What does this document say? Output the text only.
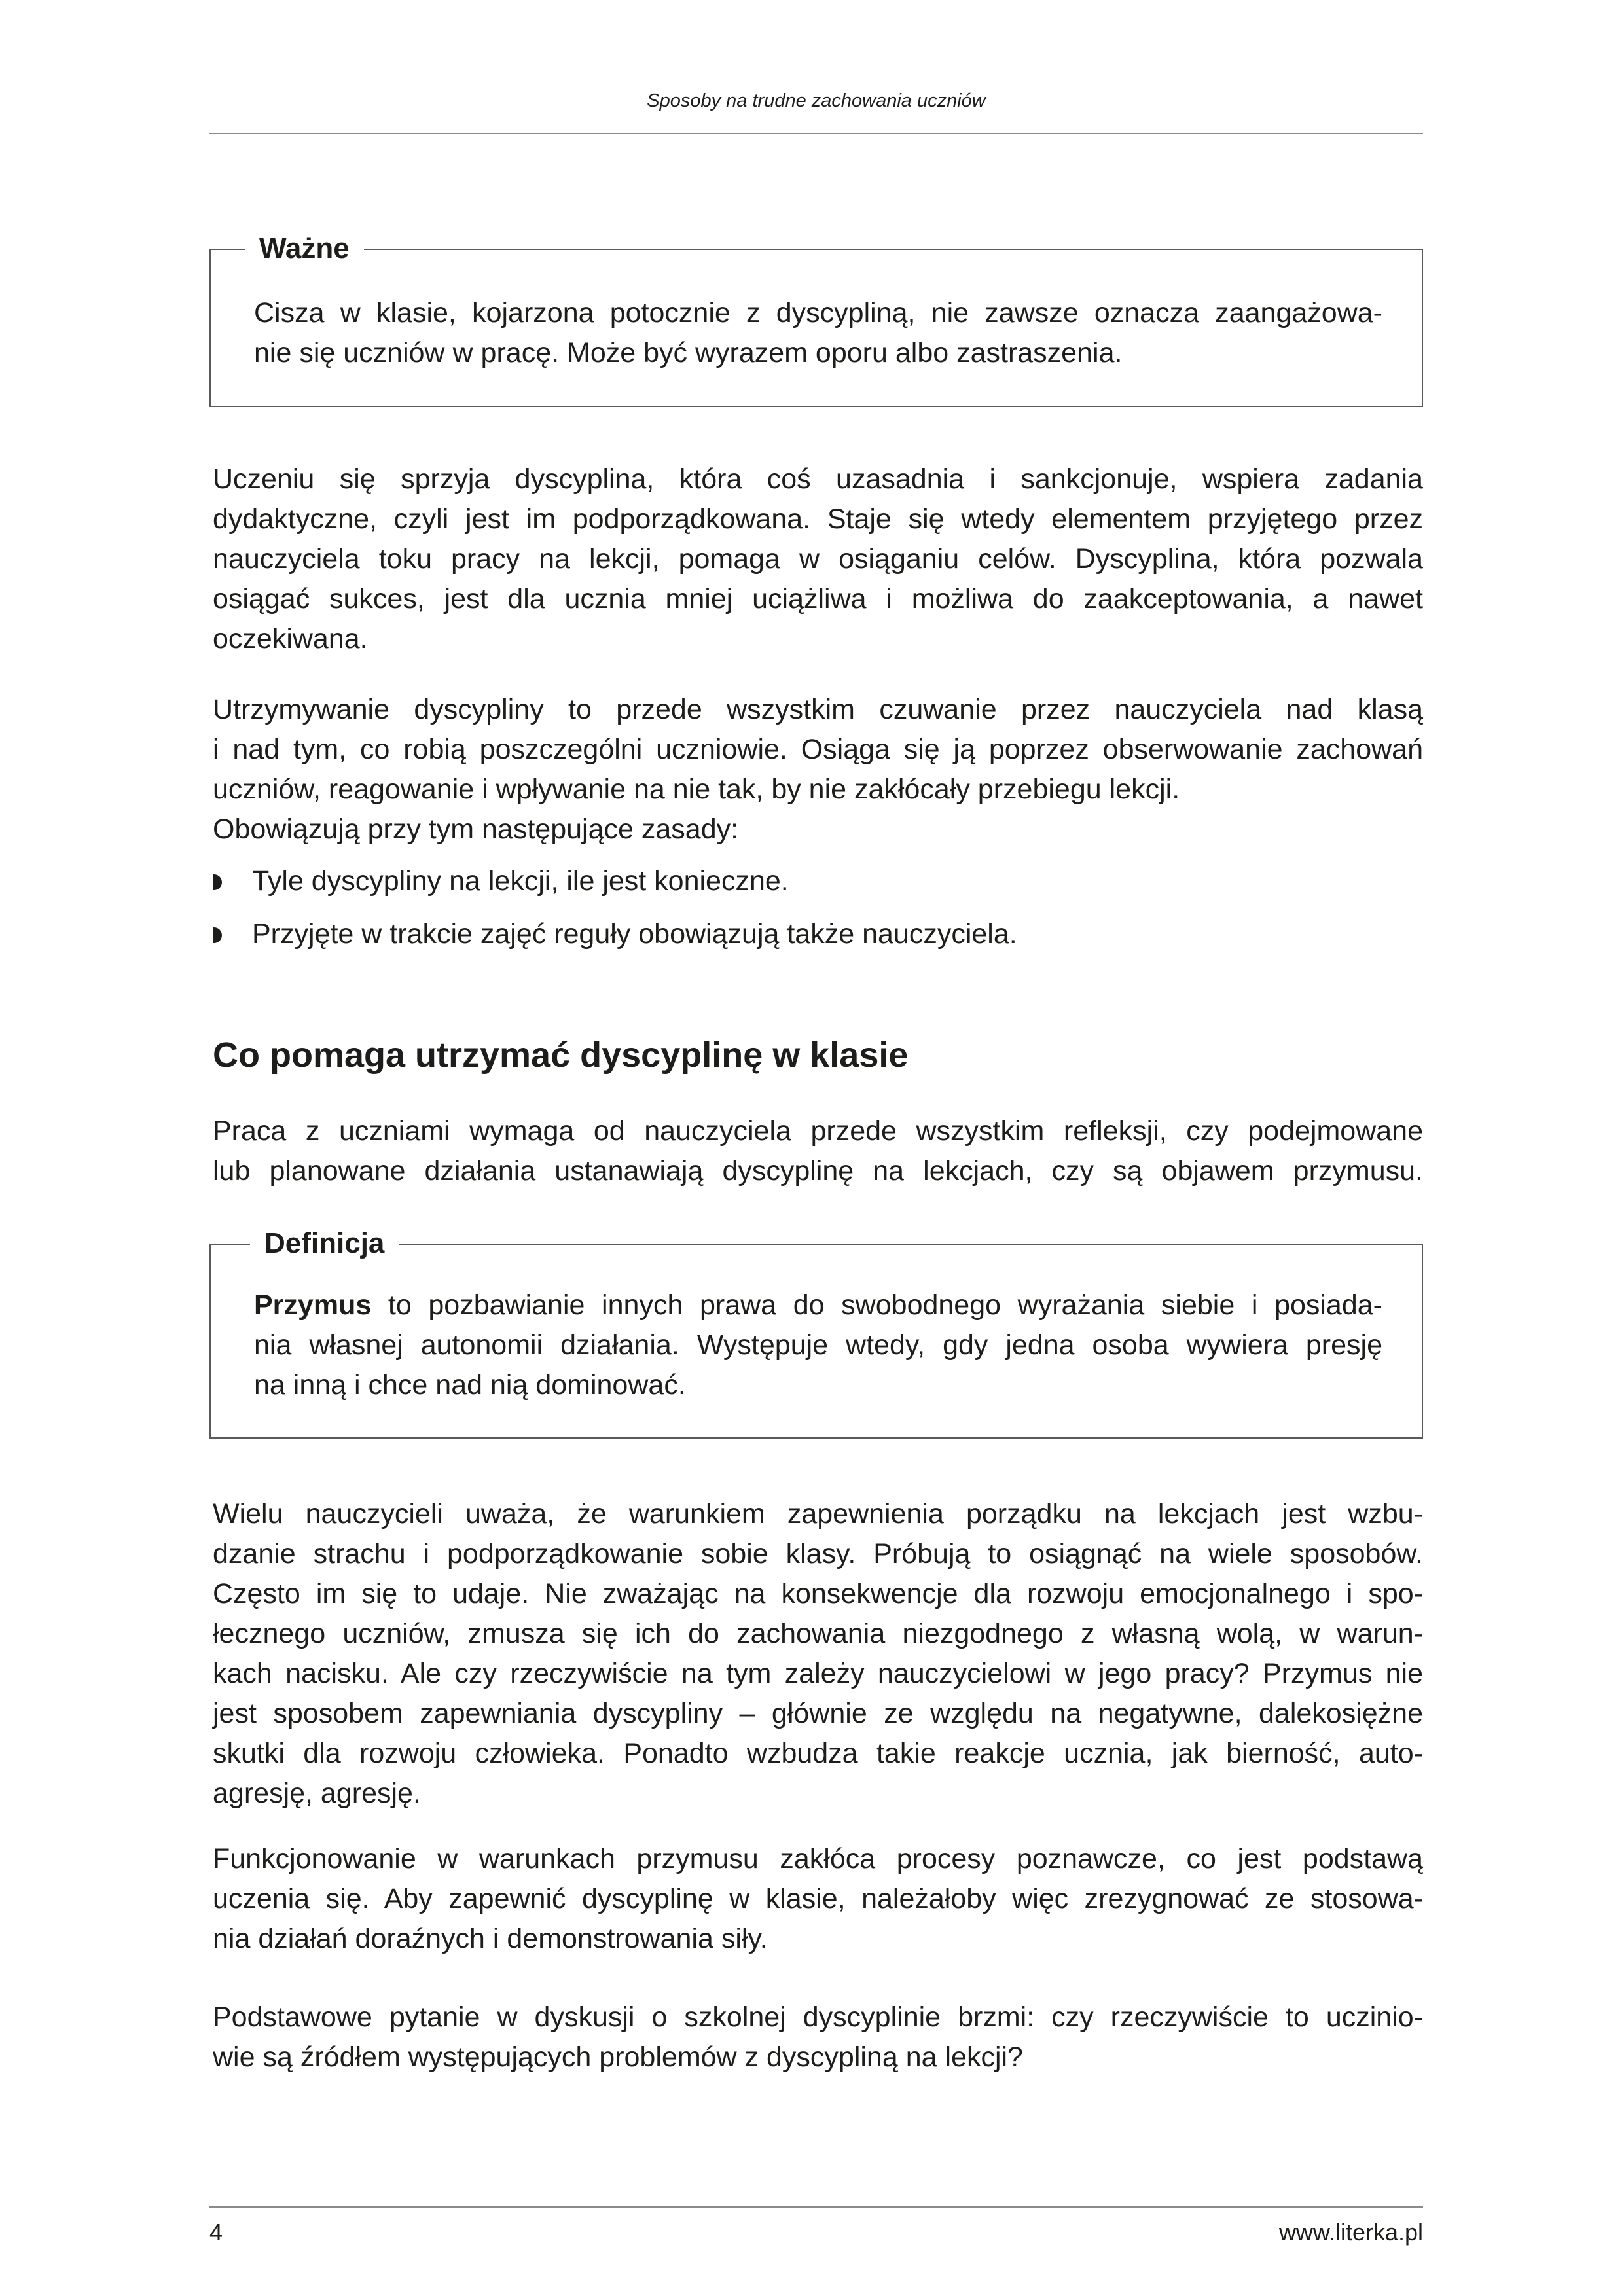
Sposoby na trudne zachowania uczniów
Ważne
Cisza w klasie, kojarzona potocznie z dyscypliną, nie zawsze oznacza zaangażowa-
nie się uczniów w pracę. Może być wyrazem oporu albo zastraszenia.
Uczeniu się sprzyja dyscyplina, która coś uzasadnia i sankcjonuje, wspiera zadania
dydaktyczne, czyli jest im podporządkowana. Staje się wtedy elementem przyjętego przez
nauczyciela toku pracy na lekcji, pomaga w osiąganiu celów. Dyscyplina, która pozwala
osiągać sukces, jest dla ucznia mniej uciążliwa i możliwa do zaakceptowania, a nawet
oczekiwana.
Utrzymywanie dyscypliny to przede wszystkim czuwanie przez nauczyciela nad klasą
i nad tym, co robią poszczególni uczniowie. Osiąga się ją poprzez obserwowanie zachowań
uczniów, reagowanie i wpływanie na nie tak, by nie zakłócały przebiegu lekcji.
Obowiązują przy tym następujące zasady:
Tyle dyscypliny na lekcji, ile jest konieczne.
Przyjęte w trakcie zajęć reguły obowiązują także nauczyciela.
Co pomaga utrzymać dyscyplinę w klasie
Praca z uczniami wymaga od nauczyciela przede wszystkim refleksji, czy podejmowane
lub planowane działania ustanawiają dyscyplinę na lekcjach, czy są objawem przymusu.
Definicja
Przymus to pozbawianie innych prawa do swobodnego wyrażania siebie i posiada-
nia własnej autonomii działania. Występuje wtedy, gdy jedna osoba wywiera presję
na inną i chce nad nią dominować.
Wielu nauczycieli uważa, że warunkiem zapewnienia porządku na lekcjach jest wzbu-
dzanie strachu i podporządkowanie sobie klasy. Próbują to osiągnąć na wiele sposobów.
Często im się to udaje. Nie zważając na konsekwencje dla rozwoju emocjonalnego i spo-
łecznego uczniów, zmusza się ich do zachowania niezgodnego z własną wolą, w warun-
kach nacisku. Ale czy rzeczywiście na tym zależy nauczycielowi w jego pracy? Przymus nie
jest sposobem zapewniania dyscypliny – głównie ze względu na negatywne, dalekosiężne
skutki dla rozwoju człowieka. Ponadto wzbudza takie reakcje ucznia, jak bierność, auto-
agresję, agresję.
Funkcjonowanie w warunkach przymusu zakłóca procesy poznawcze, co jest podstawą
uczenia się. Aby zapewnić dyscyplinę w klasie, należałoby więc zrezygnować ze stosowa-
nia działań doraźnych i demonstrowania siły.
Podstawowe pytanie w dyskusji o szkolnej dyscyplinie brzmi: czy rzeczywiście to uczinio-
wie są źródłem występujących problemów z dyscypliną na lekcji?
4	www.literka.pl
